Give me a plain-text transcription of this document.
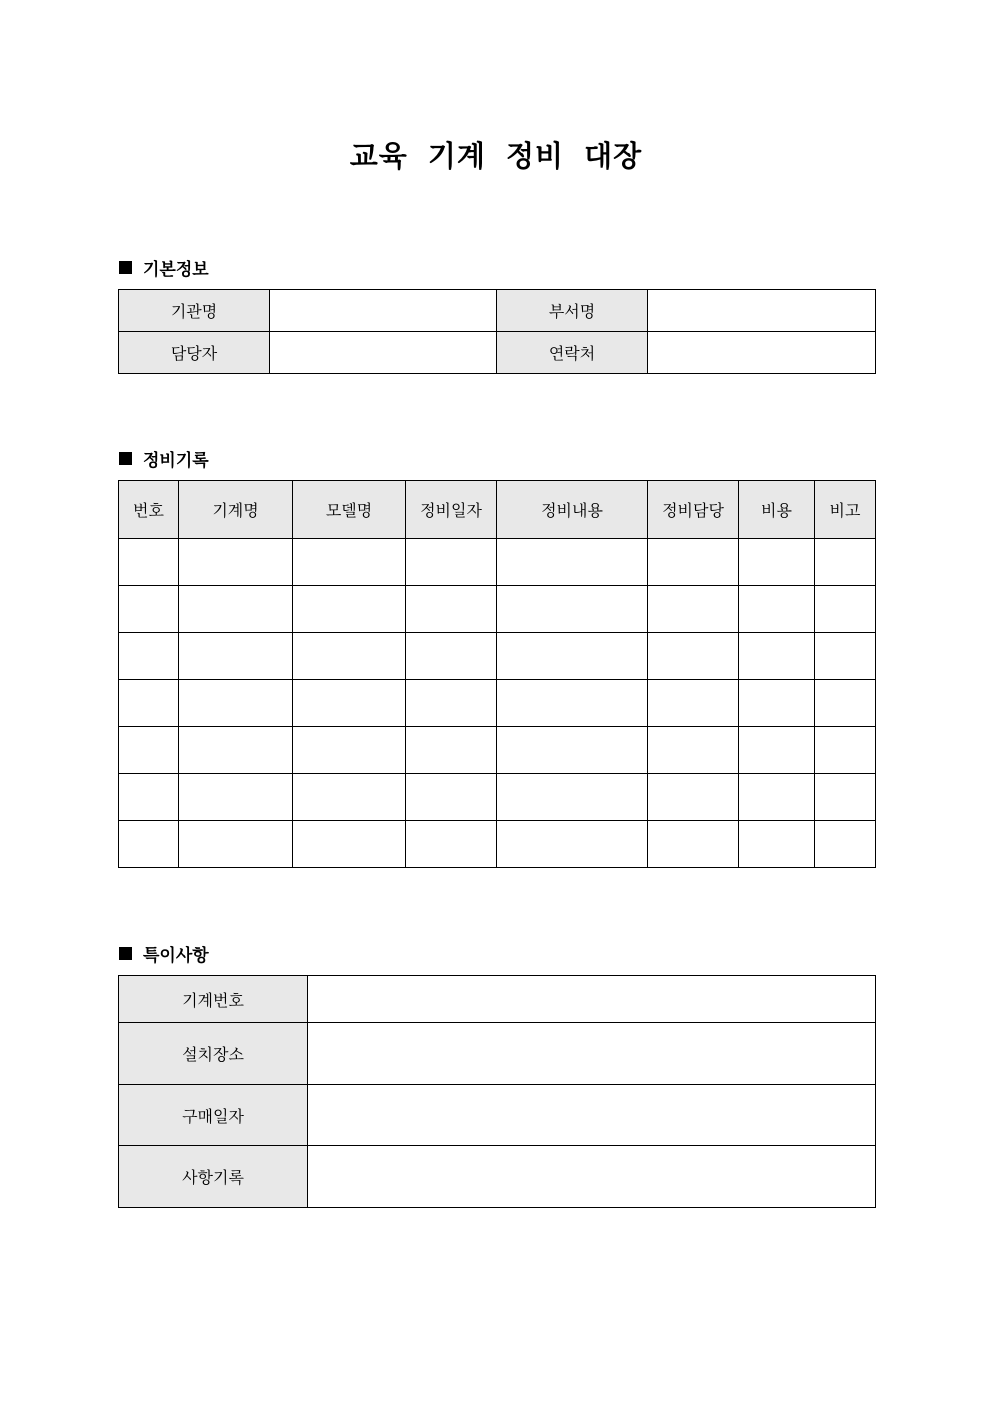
교육 기계 정비 대장
기본정보
기관명		부서명	
담당자		연락처	
정비기록
번호	기계명	모델명	정비일자	정비내용	정비담당	비용	비고

특이사항
기계번호	
설치장소	
구매일자	
사항기록	
